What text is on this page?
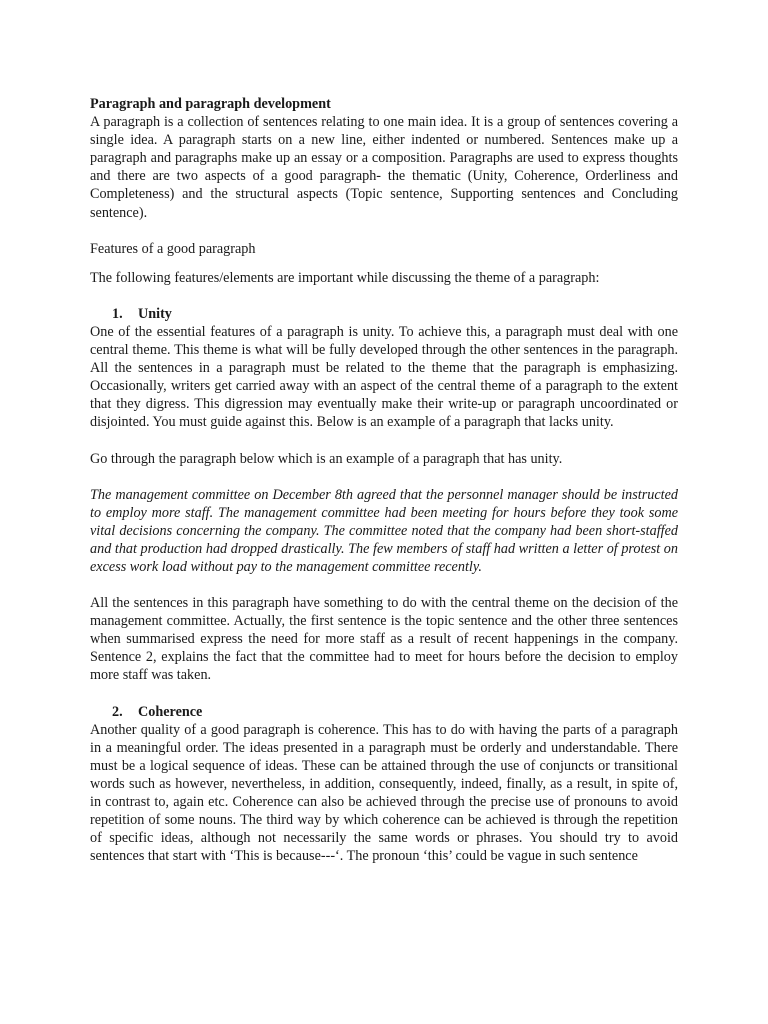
Paragraph and paragraph development

A paragraph is a collection of sentences relating to one main idea. It is a group of sentences covering a single idea. A paragraph starts on a new line, either indented or numbered. Sentences make up a paragraph and paragraphs make up an essay or a composition. Paragraphs are used to express thoughts and there are two aspects of a good paragraph- the thematic (Unity, Coherence, Orderliness and Completeness) and the structural aspects (Topic sentence, Supporting sentences and Concluding sentence).

Features of a good paragraph

The following features/elements are important while discussing the theme of a paragraph:

1. Unity

One of the essential features of a paragraph is unity. To achieve this, a paragraph must deal with one central theme. This theme is what will be fully developed through the other sentences in the paragraph. All the sentences in a paragraph must be related to the theme that the paragraph is emphasizing. Occasionally, writers get carried away with an aspect of the central theme of a paragraph to the extent that they digress. This digression may eventually make their write-up or paragraph uncoordinated or disjointed. You must guide against this. Below is an example of a paragraph that lacks unity.

Go through the paragraph below which is an example of a paragraph that has unity.

The management committee on December 8th agreed that the personnel manager should be instructed to employ more staff. The management committee had been meeting for hours before they took some vital decisions concerning the company. The committee noted that the company had been short-staffed and that production had dropped drastically. The few members of staff had written a letter of protest on excess work load without pay to the management committee recently.

All the sentences in this paragraph have something to do with the central theme on the decision of the management committee. Actually, the first sentence is the topic sentence and the other three sentences when summarised express the need for more staff as a result of recent happenings in the company. Sentence 2, explains the fact that the committee had to meet for hours before the decision to employ more staff was taken.

2. Coherence

Another quality of a good paragraph is coherence. This has to do with having the parts of a paragraph in a meaningful order. The ideas presented in a paragraph must be orderly and understandable. There must be a logical sequence of ideas. These can be attained through the use of conjuncts or transitional words such as however, nevertheless, in addition, consequently, indeed, finally, as a result, in spite of, in contrast to, again etc. Coherence can also be achieved through the precise use of pronouns to avoid repetition of some nouns. The third way by which coherence can be achieved is through the repetition of specific ideas, although not necessarily the same words or phrases. You should try to avoid sentences that start with ‘This is because---‘. The pronoun ‘this’ could be vague in such sentence
